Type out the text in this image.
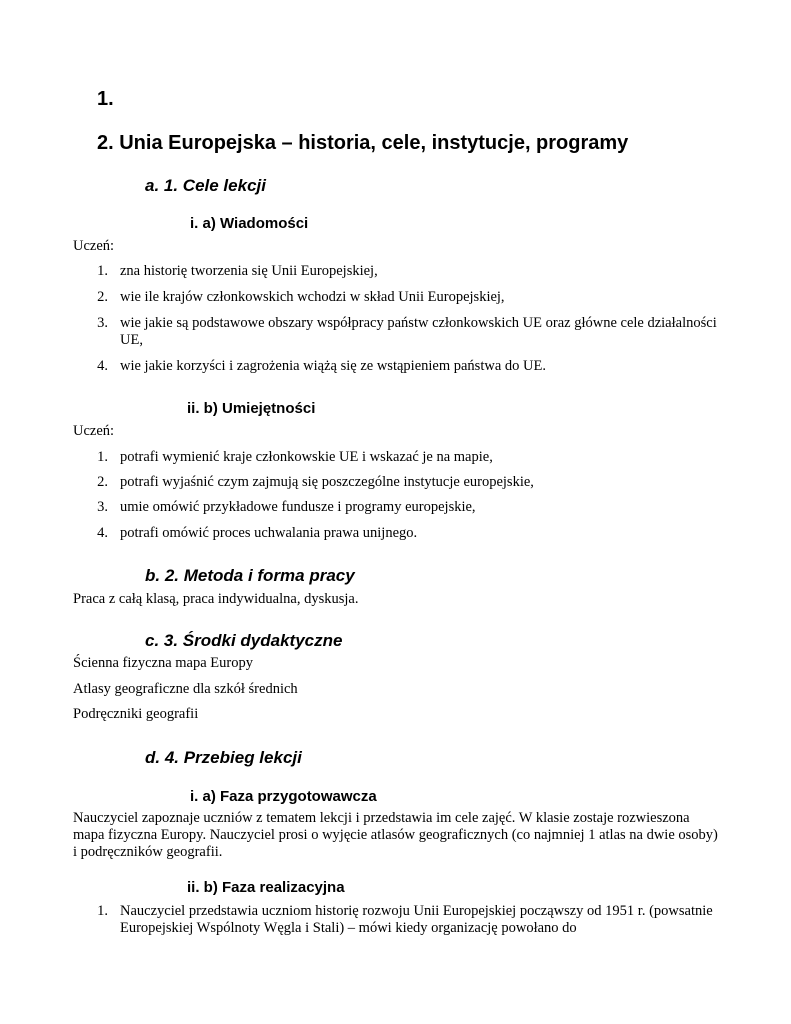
1.
2. Unia Europejska – historia, cele, instytucje, programy
a. 1. Cele lekcji
i. a) Wiadomości
Uczeń:
1. zna historię tworzenia się Unii Europejskiej,
2. wie ile krajów członkowskich wchodzi w skład Unii Europejskiej,
3. wie jakie są podstawowe obszary współpracy państw członkowskich UE oraz główne cele działalności UE,
4. wie jakie korzyści i zagrożenia wiążą się ze wstąpieniem państwa do UE.
ii. b) Umiejętności
Uczeń:
1. potrafi wymienić kraje członkowskie UE i wskazać je na mapie,
2. potrafi wyjaśnić czym zajmują się poszczególne instytucje europejskie,
3. umie omówić przykładowe fundusze i programy europejskie,
4. potrafi omówić proces uchwalania prawa unijnego.
b. 2. Metoda i forma pracy
Praca z całą klasą, praca indywidualna, dyskusja.
c. 3. Środki dydaktyczne
Ścienna fizyczna mapa Europy
Atlasy geograficzne dla szkół średnich
Podręczniki geografii
d. 4. Przebieg lekcji
i. a) Faza przygotowawcza
Nauczyciel zapoznaje uczniów z tematem lekcji i przedstawia im cele zajęć. W klasie zostaje rozwieszona mapa fizyczna Europy. Nauczyciel prosi o wyjęcie atlasów geograficznych (co najmniej 1 atlas na dwie osoby) i podręczników geografii.
ii. b) Faza realizacyjna
1. Nauczyciel przedstawia uczniom historię rozwoju Unii Europejskiej począwszy od 1951 r. (powsatnie Europejskiej Wspólnoty Węgla i Stali) – mówi kiedy organizację powołano do
